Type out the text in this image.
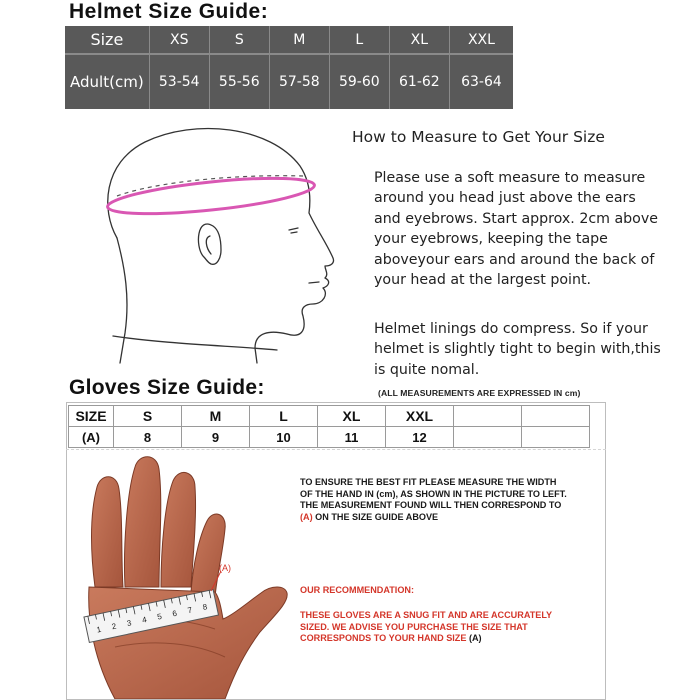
Helmet Size Guide:
Size	XS	S	M	L	XL	XXL
Adult(cm)	53-54	55-56	57-58	59-60	61-62	63-64
How to Measure to Get Your Size

Please use a soft measure to measure around you head just above the ears and eyebrows. Start approx. 2cm above your eyebrows, keeping the tape aboveyour ears and around the back of your head at the largest point.

Helmet linings do compress. So if your helmet is slightly tight to begin with,this is quite nomal.

Gloves Size Guide:	(ALL MEASUREMENTS ARE EXPRESSED IN cm)
SIZE	S	M	L	XL	XXL		
(A)	8	9	10	11	12		
1 2 3 4 5 6 7 8
(A)

TO ENSURE THE BEST FIT PLEASE MEASURE THE WIDTH OF THE HAND IN (cm), AS SHOWN IN THE PICTURE TO LEFT. THE MEASUREMENT FOUND WILL THEN CORRESPOND TO (A) ON THE SIZE GUIDE ABOVE

OUR RECOMMENDATION:

THESE GLOVES ARE A SNUG FIT AND ARE ACCURATELY SIZED. WE ADVISE YOU PURCHASE THE SIZE THAT CORRESPONDS TO YOUR HAND SIZE (A)
